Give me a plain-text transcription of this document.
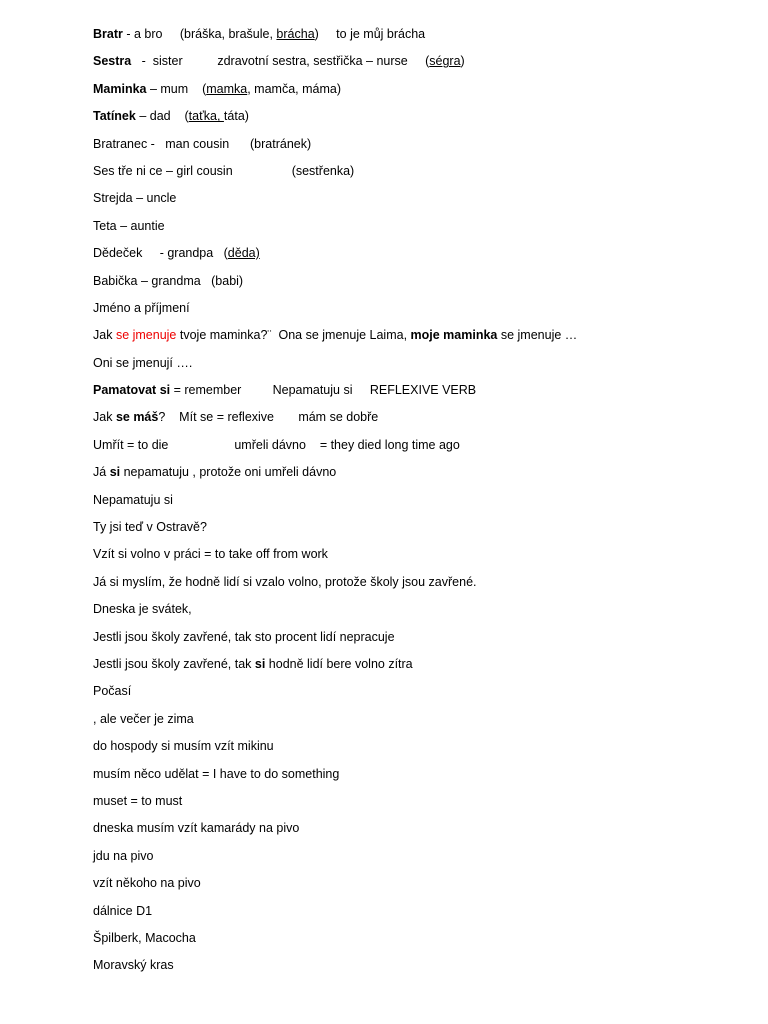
Bratr - a bro     (bráška, brašule, brácha)     to je můj brácha
Sestra   -  sister          zdravotní sestra, sestřička – nurse     (ségra)
Maminka – mum    (mamka, mamča, máma)
Tatínek – dad    (taťka, táta)
Bratranec -   man cousin      (bratránek)
Ses tře ni ce – girl cousin                 (sestřenka)
Strejda – uncle
Teta – auntie
Dědeček     - grandpa   (děda)
Babička – grandma   (babi)
Jméno a příjmení
Jak se jmenuje tvoje maminka?¨  Ona se jmenuje Laima, moje maminka se jmenuje …
Oni se jmenují ….
Pamatovat si = remember         Nepamatuju si     REFLEXIVE VERB
Jak se máš?    Mít se = reflexive       mám se dobře
Umřít = to die                   umřeli dávno    = they died long time ago
Já si nepamatuju , protože oni umřeli dávno
Nepamatuju si
Ty jsi teď v Ostravě?
Vzít si volno v práci = to take off from work
Já si myslím, že hodně lidí si vzalo volno, protože školy jsou zavřené.
Dneska je svátek,
Jestli jsou školy zavřené, tak sto procent lidí nepracuje
Jestli jsou školy zavřené, tak si hodně lidí bere volno zítra
Počasí
, ale večer je zima
do hospody si musím vzít mikinu
musím něco udělat = I have to do something
muset = to must
dneska musím vzít kamarády na pivo
jdu na pivo
vzít někoho na pivo
dálnice D1
Špilberk, Macocha
Moravský kras
